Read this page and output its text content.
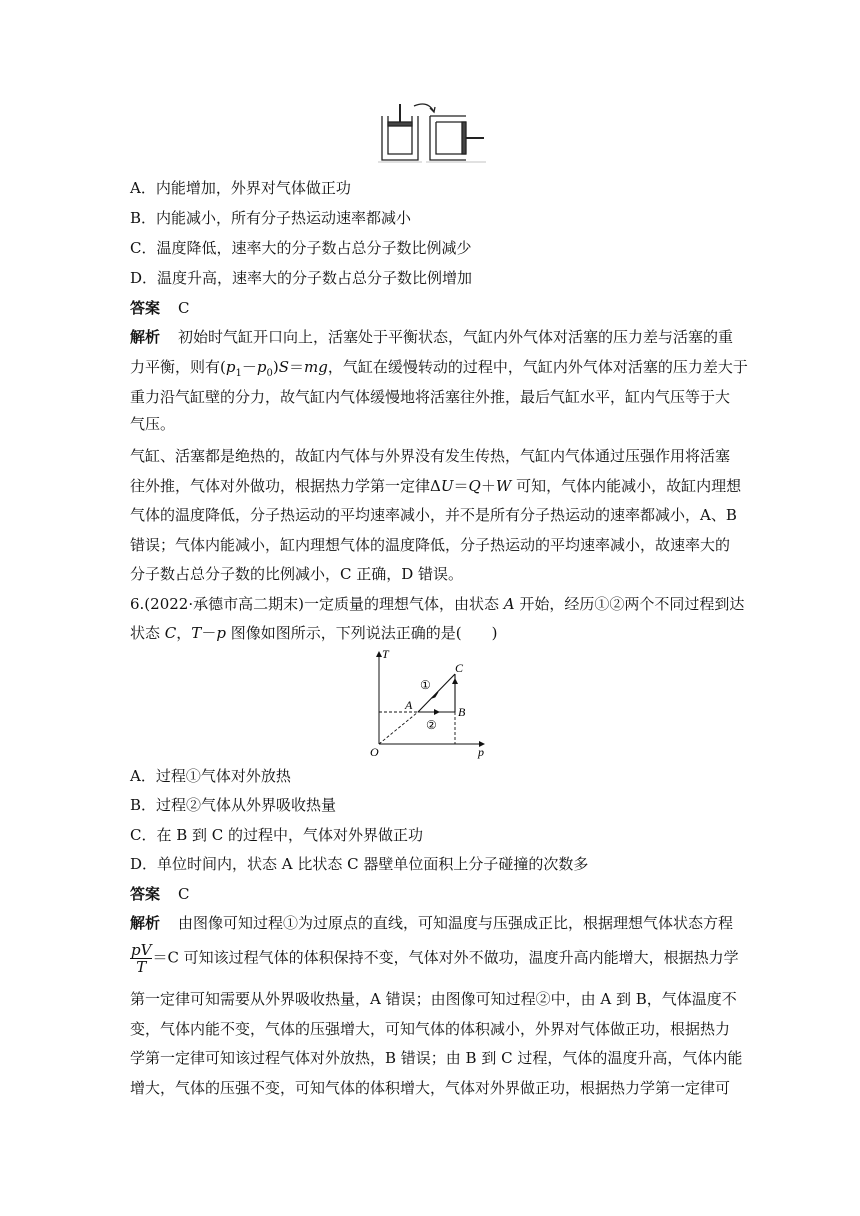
A．内能增加，外界对气体做正功
B．内能减小，所有分子热运动速率都减小
C．温度降低，速率大的分子数占总分子数比例减少
D．温度升高，速率大的分子数占总分子数比例增加
答案 C
解析 初始时气缸开口向上，活塞处于平衡状态，气缸内外气体对活塞的压力差与活塞的重
力平衡，则有$(p_1-p_0)S=mg$，气缸在缓慢转动的过程中，气缸内外气体对活塞的压力差大于
重力沿气缸壁的分力，故气缸内气体缓慢地将活塞往外推，最后气缸水平，缸内气压等于大
气压。
气缸、活塞都是绝热的，故缸内气体与外界没有发生传热，气缸内气体通过压强作用将活塞
往外推，气体对外做功，根据热力学第一定律ΔU＝Q＋W 可知，气体内能减小，故缸内理想
气体的温度降低，分子热运动的平均速率减小，并不是所有分子热运动的速率都减小，A、B
错误；气体内能减小，缸内理想气体的温度降低，分子热运动的平均速率减小，故速率大的
分子数占总分子数的比例减小，C 正确，D 错误。
6.(2022·承德市高二期末)一定质量的理想气体，由状态 A 开始，经历①②两个不同过程到达
状态 C，T－p 图像如图所示，下列说法正确的是(　　)
T
p
O
A	B
C
①
②
A．过程①气体对外放热
B．过程②气体从外界吸收热量
C．在 B 到 C 的过程中，气体对外界做正功
D．单位时间内，状态 A 比状态 C 器壁单位面积上分子碰撞的次数多
答案 C
解析 由图像可知过程①为过原点的直线，可知温度与压强成正比，根据理想气体状态方程
$\frac{pV}{T} =C$ 可知该过程气体的体积保持不变，气体对外不做功，温度升高内能增大，根据热力学
第一定律可知需要从外界吸收热量，A 错误；由图像可知过程②中，由 A 到 B，气体温度不
变，气体内能不变，气体的压强增大，可知气体的体积减小，外界对气体做正功，根据热力
学第一定律可知该过程气体对外放热，B 错误；由 B 到 C 过程，气体的温度升高，气体内能
增大，气体的压强不变，可知气体的体积增大，气体对外界做正功，根据热力学第一定律可
